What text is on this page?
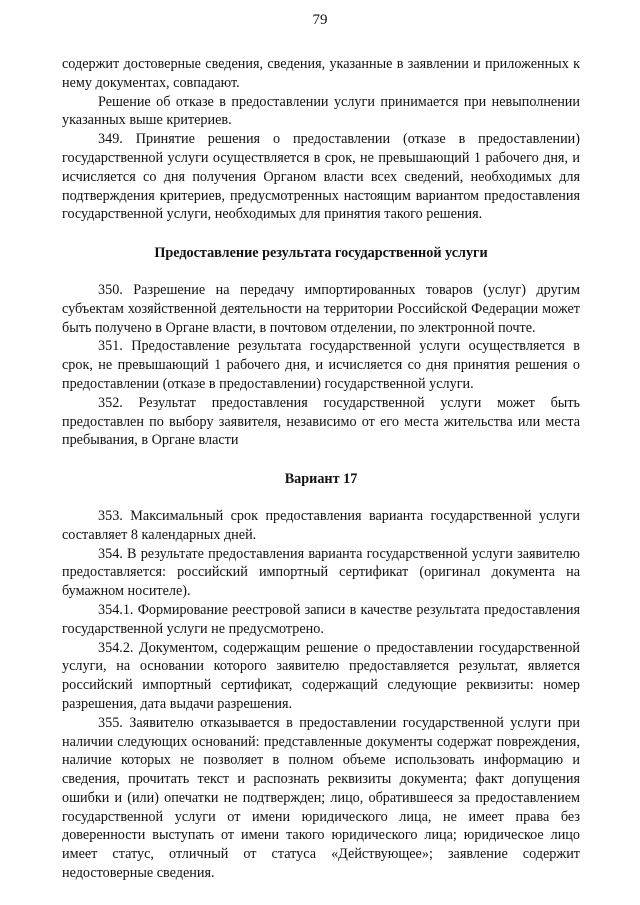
79

содержит достоверные сведения, сведения, указанные в заявлении и приложенных к нему документах, совпадают.

Решение об отказе в предоставлении услуги принимается при невыполнении указанных выше критериев.

349. Принятие решения о предоставлении (отказе в предоставлении) государственной услуги осуществляется в срок, не превышающий 1 рабочего дня, и исчисляется со дня получения Органом власти всех сведений, необходимых для подтверждения критериев, предусмотренных настоящим вариантом предоставления государственной услуги, необходимых для принятия такого решения.

Предоставление результата государственной услуги

350. Разрешение на передачу импортированных товаров (услуг) другим субъектам хозяйственной деятельности на территории Российской Федерации может быть получено в Органе власти, в почтовом отделении, по электронной почте.

351. Предоставление результата государственной услуги осуществляется в срок, не превышающий 1 рабочего дня, и исчисляется со дня принятия решения о предоставлении (отказе в предоставлении) государственной услуги.

352. Результат предоставления государственной услуги может быть предоставлен по выбору заявителя, независимо от его места жительства или места пребывания, в Органе власти

Вариант 17

353. Максимальный срок предоставления варианта государственной услуги составляет 8 календарных дней.

354. В результате предоставления варианта государственной услуги заявителю предоставляется: российский импортный сертификат (оригинал документа на бумажном носителе).

354.1. Формирование реестровой записи в качестве результата предоставления государственной услуги не предусмотрено.

354.2. Документом, содержащим решение о предоставлении государственной услуги, на основании которого заявителю предоставляется результат, является российский импортный сертификат, содержащий следующие реквизиты: номер разрешения, дата выдачи разрешения.

355. Заявителю отказывается в предоставлении государственной услуги при наличии следующих оснований: представленные документы содержат повреждения, наличие которых не позволяет в полном объеме использовать информацию и сведения, прочитать текст и распознать реквизиты документа; факт допущения ошибки и (или) опечатки не подтвержден; лицо, обратившееся за предоставлением государственной услуги от имени юридического лица, не имеет права без доверенности выступать от имени такого юридического лица; юридическое лицо имеет статус, отличный от статуса «Действующее»; заявление содержит недостоверные сведения.
